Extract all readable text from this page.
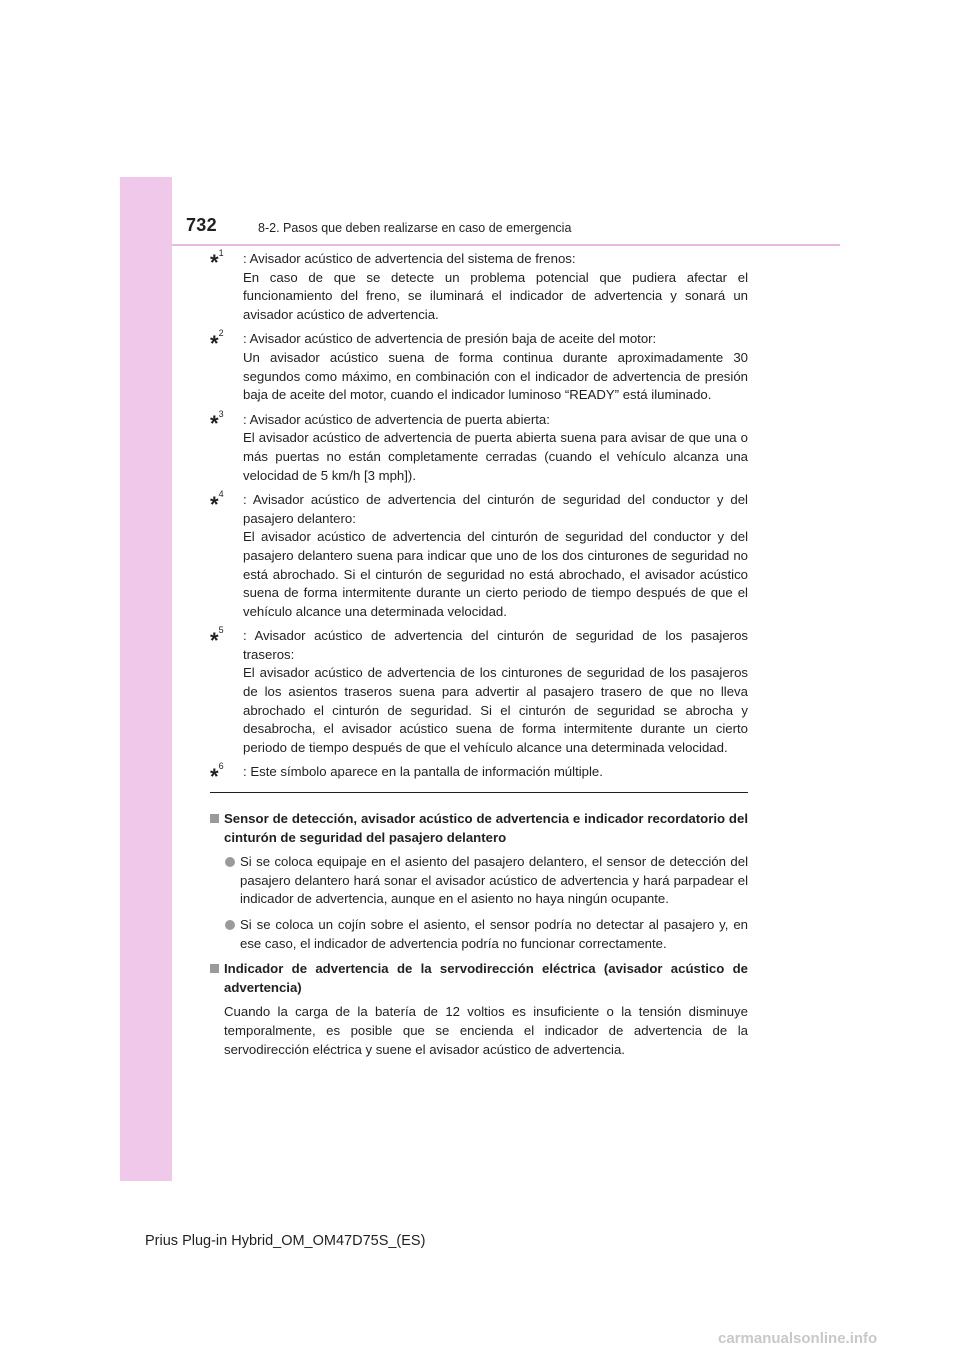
732	8-2. Pasos que deben realizarse en caso de emergencia
*$^1$ : Avisador acústico de advertencia del sistema de frenos:
En caso de que se detecte un problema potencial que pudiera afectar el funcionamiento del freno, se iluminará el indicador de advertencia y sonará un avisador acústico de advertencia.
*$^2$ : Avisador acústico de advertencia de presión baja de aceite del motor:
Un avisador acústico suena de forma continua durante aproximadamente 30 segundos como máximo, en combinación con el indicador de advertencia de presión baja de aceite del motor, cuando el indicador luminoso “READY” está iluminado.
*$^3$ : Avisador acústico de advertencia de puerta abierta:
El avisador acústico de advertencia de puerta abierta suena para avisar de que una o más puertas no están completamente cerradas (cuando el vehículo alcanza una velocidad de 5 km/h [3 mph]).
*$^4$ : Avisador acústico de advertencia del cinturón de seguridad del conductor y del pasajero delantero:
El avisador acústico de advertencia del cinturón de seguridad del conductor y del pasajero delantero suena para indicar que uno de los dos cinturones de seguridad no está abrochado. Si el cinturón de seguridad no está abrochado, el avisador acústico suena de forma intermitente durante un cierto periodo de tiempo después de que el vehículo alcance una determinada velocidad.
*$^5$ : Avisador acústico de advertencia del cinturón de seguridad de los pasajeros traseros:
El avisador acústico de advertencia de los cinturones de seguridad de los pasajeros de los asientos traseros suena para advertir al pasajero trasero de que no lleva abrochado el cinturón de seguridad. Si el cinturón de seguridad se abrocha y desabrocha, el avisador acústico suena de forma intermitente durante un cierto periodo de tiempo después de que el vehículo alcance una determinada velocidad.
*$^6$ : Este símbolo aparece en la pantalla de información múltiple.
Sensor de detección, avisador acústico de advertencia e indicador recordatorio del cinturón de seguridad del pasajero delantero
Si se coloca equipaje en el asiento del pasajero delantero, el sensor de detección del pasajero delantero hará sonar el avisador acústico de advertencia y hará parpadear el indicador de advertencia, aunque en el asiento no haya ningún ocupante.
Si se coloca un cojín sobre el asiento, el sensor podría no detectar al pasajero y, en ese caso, el indicador de advertencia podría no funcionar correctamente.
Indicador de advertencia de la servodirección eléctrica (avisador acústico de advertencia)
Cuando la carga de la batería de 12 voltios es insuficiente o la tensión disminuye temporalmente, es posible que se encienda el indicador de advertencia de la servodirección eléctrica y suene el avisador acústico de advertencia.
Prius Plug-in Hybrid_OM_OM47D75S_(ES)
carmanualsonline.info
